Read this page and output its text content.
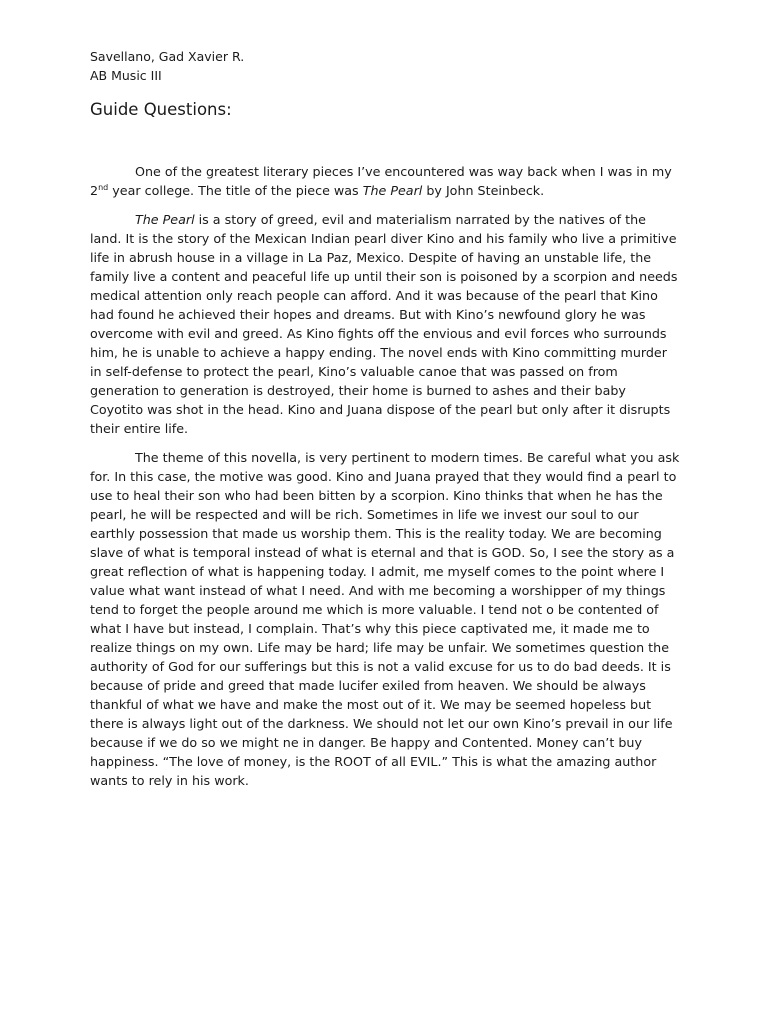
Savellano, Gad Xavier R.
AB Music III
Guide Questions:

One of the greatest literary pieces I’ve encountered was way back when I was in my 2nd year college. The title of the piece was The Pearl by John Steinbeck.

The Pearl is a story of greed, evil and materialism narrated by the natives of the land. It is the story of the Mexican Indian pearl diver Kino and his family who live a primitive life in abrush house in a village in La Paz, Mexico. Despite of having an unstable life, the family live a content and peaceful life up until their son is poisoned by a scorpion and needs medical attention only reach people can afford. And it was because of the pearl that Kino had found he achieved their hopes and dreams. But with Kino’s newfound glory he was overcome with evil and greed. As Kino fights off the envious and evil forces who surrounds him, he is unable to achieve a happy ending. The novel ends with Kino committing murder in self-defense to protect the pearl, Kino’s valuable canoe that was passed on from generation to generation is destroyed, their home is burned to ashes and their baby Coyotito was shot in the head. Kino and Juana dispose of the pearl but only after it disrupts their entire life.

The theme of this novella, is very pertinent to modern times. Be careful what you ask for. In this case, the motive was good. Kino and Juana prayed that they would find a pearl to use to heal their son who had been bitten by a scorpion. Kino thinks that when he has the pearl, he will be respected and will be rich. Sometimes in life we invest our soul to our earthly possession that made us worship them. This is the reality today. We are becoming slave of what is temporal instead of what is eternal and that is GOD. So, I see the story as a great reflection of what is happening today. I admit, me myself comes to the point where I value what want instead of what I need. And with me becoming a worshipper of my things tend to forget the people around me which is more valuable. I tend not o be contented of what I have but instead, I complain. That’s why this piece captivated me, it made me to realize things on my own. Life may be hard; life may be unfair. We sometimes question the authority of God for our sufferings but this is not a valid excuse for us to do bad deeds. It is because of pride and greed that made lucifer exiled from heaven. We should be always thankful of what we have and make the most out of it. We may be seemed hopeless but there is always light out of the darkness. We should not let our own Kino’s prevail in our life because if we do so we might ne in danger. Be happy and Contented. Money can’t buy happiness. “The love of money, is the ROOT of all EVIL.” This is what the amazing author wants to rely in his work.
